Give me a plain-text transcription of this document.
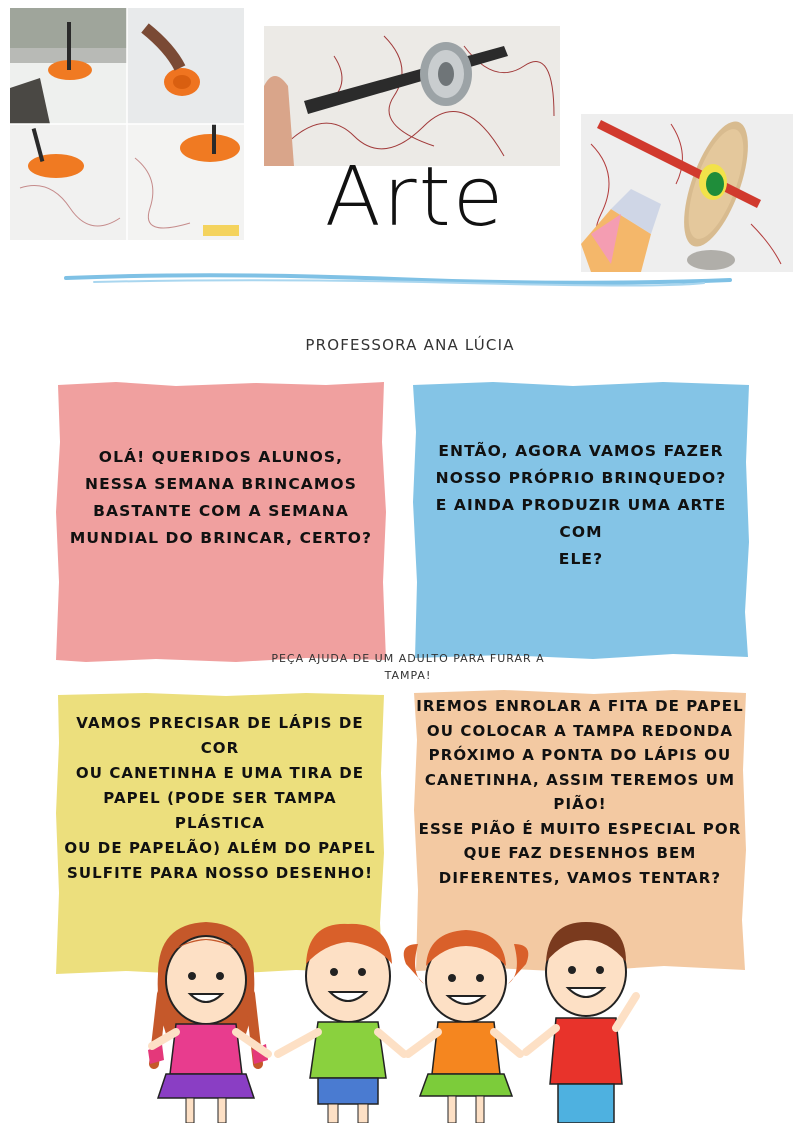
Arte
PROFESSORA ANA LÚCIA
OLÁ! QUERIDOS ALUNOS,
NESSA SEMANA BRINCAMOS
BASTANTE COM A SEMANA
MUNDIAL DO BRINCAR, CERTO?
ENTÃO, AGORA VAMOS FAZER
NOSSO PRÓPRIO BRINQUEDO?
E AINDA PRODUZIR UMA ARTE COM
ELE?
PEÇA AJUDA DE UM ADULTO PARA FURAR A TAMPA!
VAMOS PRECISAR DE LÁPIS DE COR
OU CANETINHA E UMA TIRA DE
PAPEL (PODE SER TAMPA PLÁSTICA
OU DE PAPELÃO) ALÉM DO PAPEL
SULFITE PARA NOSSO DESENHO!
IREMOS ENROLAR A FITA DE PAPEL
OU COLOCAR A TAMPA REDONDA
PRÓXIMO A PONTA DO LÁPIS OU
CANETINHA, ASSIM TEREMOS UM
PIÃO!
ESSE PIÃO É MUITO ESPECIAL POR
QUE FAZ DESENHOS BEM
DIFERENTES, VAMOS TENTAR?
